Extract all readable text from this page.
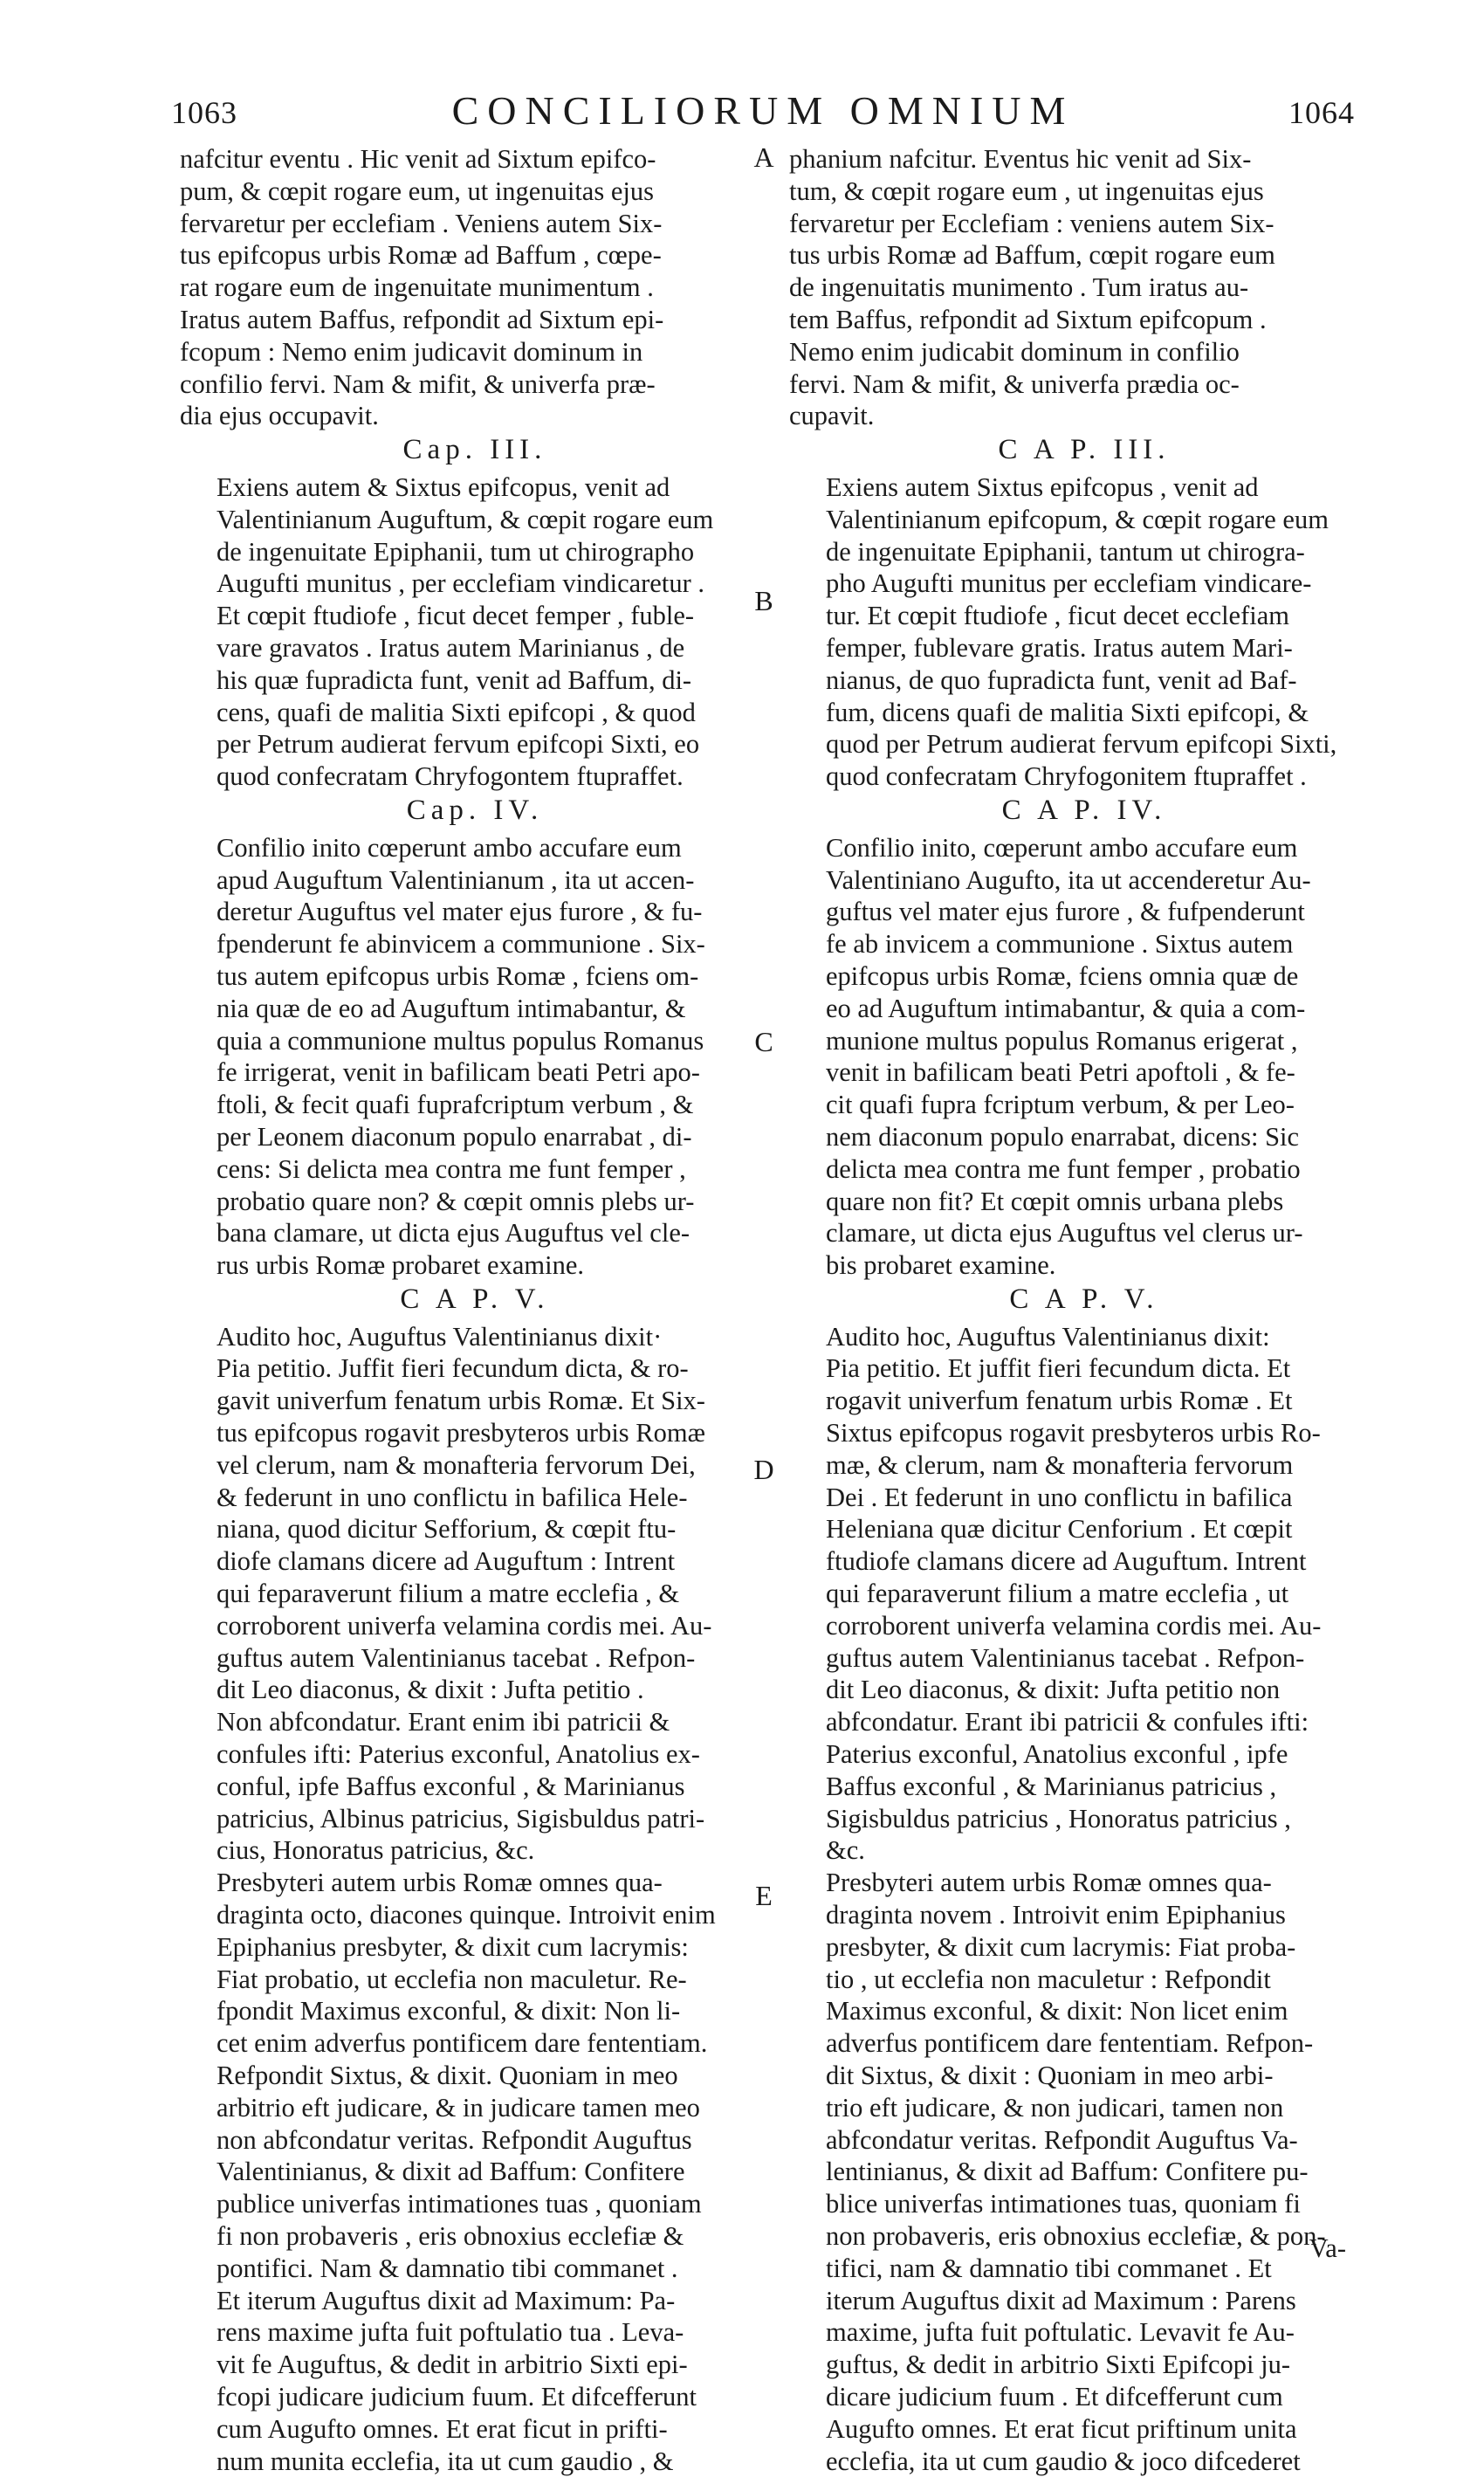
1063	CONCILIORUM OMNIUM	1064
nafcitur eventu . Hic venit ad Sixtum epifco-
pum, & cœpit rogare eum, ut ingenuitas ejus
fervaretur per ecclefiam . Veniens autem Six-
tus epifcopus urbis Romæ ad Baffum , cœpe-
rat rogare eum de ingenuitate munimentum .
Iratus autem Baffus, refpondit ad Sixtum epi-
fcopum : Nemo enim judicavit dominum in
confilio fervi. Nam & mifit, & univerfa præ-
dia ejus occupavit.
Cap. III.
Exiens autem & Sixtus epifcopus, venit ad
Valentinianum Auguftum, & cœpit rogare eum
de ingenuitate Epiphanii, tum ut chirographo
Augufti munitus , per ecclefiam vindicaretur .
Et cœpit ftudiofe , ficut decet femper , fuble-
vare gravatos . Iratus autem Marinianus , de
his quæ fupradicta funt, venit ad Baffum, di-
cens, quafi de malitia Sixti epifcopi , & quod
per Petrum audierat fervum epifcopi Sixti, eo
quod confecratam Chryfogontem ftupraffet.
Cap. IV.
Confilio inito cœperunt ambo accufare eum
apud Auguftum Valentinianum , ita ut accen-
deretur Auguftus vel mater ejus furore , & fu-
fpenderunt fe abinvicem a communione . Six-
tus autem epifcopus urbis Romæ , fciens om-
nia quæ de eo ad Auguftum intimabantur, &
quia a communione multus populus Romanus
fe irrigerat, venit in bafilicam beati Petri apo-
ftoli, & fecit quafi fuprafcriptum verbum , &
per Leonem diaconum populo enarrabat , di-
cens: Si delicta mea contra me funt femper ,
probatio quare non? & cœpit omnis plebs ur-
bana clamare, ut dicta ejus Auguftus vel cle-
rus urbis Romæ probaret examine.
C A P. V.
Audito hoc, Auguftus Valentinianus dixit·
Pia petitio. Juffit fieri fecundum dicta, & ro-
gavit univerfum fenatum urbis Romæ. Et Six-
tus epifcopus rogavit presbyteros urbis Romæ
vel clerum, nam & monafteria fervorum Dei,
& federunt in uno conflictu in bafilica Hele-
niana, quod dicitur Sefforium, & cœpit ftu-
diofe clamans dicere ad Auguftum : Intrent
qui feparaverunt filium a matre ecclefia , &
corroborent univerfa velamina cordis mei. Au-
guftus autem Valentinianus tacebat . Refpon-
dit Leo diaconus, & dixit : Jufta petitio .
Non abfcondatur. Erant enim ibi patricii &
confules ifti: Paterius exconful, Anatolius ex-
conful, ipfe Baffus exconful , & Marinianus
patricius, Albinus patricius, Sigisbuldus patri-
cius, Honoratus patricius, &c.
Presbyteri autem urbis Romæ omnes qua-
draginta octo, diacones quinque. Introivit enim
Epiphanius presbyter, & dixit cum lacrymis:
Fiat probatio, ut ecclefia non maculetur. Re-
fpondit Maximus exconful, & dixit: Non li-
cet enim adverfus pontificem dare fententiam.
Refpondit Sixtus, & dixit. Quoniam in meo
arbitrio eft judicare, & in judicare tamen meo
non abfcondatur veritas. Refpondit Auguftus
Valentinianus, & dixit ad Baffum: Confitere
publice univerfas intimationes tuas , quoniam
fi non probaveris , eris obnoxius ecclefiæ &
pontifici. Nam & damnatio tibi commanet .
Et iterum Auguftus dixit ad Maximum: Pa-
rens maxime jufta fuit poftulatio tua . Leva-
vit fe Auguftus, & dedit in arbitrio Sixti epi-
fcopi judicare judicium fuum. Et difcefferunt
cum Augufto omnes. Et erat ficut in prifti-
num munita ecclefia, ita ut cum gaudio , &
phanium nafcitur. Eventus hic venit ad Six-
tum, & cœpit rogare eum , ut ingenuitas ejus
fervaretur per Ecclefiam : veniens autem Six-
tus urbis Romæ ad Baffum, cœpit rogare eum
de ingenuitatis munimento . Tum iratus au-
tem Baffus, refpondit ad Sixtum epifcopum .
Nemo enim judicabit dominum in confilio
fervi. Nam & mifit, & univerfa prædia oc-
cupavit.
C A P. III.
Exiens autem Sixtus epifcopus , venit ad
Valentinianum epifcopum, & cœpit rogare eum
de ingenuitate Epiphanii, tantum ut chirogra-
pho Augufti munitus per ecclefiam vindicare-
tur. Et cœpit ftudiofe , ficut decet ecclefiam
femper, fublevare gratis. Iratus autem Mari-
nianus, de quo fupradicta funt, venit ad Baf-
fum, dicens quafi de malitia Sixti epifcopi, &
quod per Petrum audierat fervum epifcopi Sixti,
quod confecratam Chryfogonitem ftupraffet .
C A P. IV.
Confilio inito, cœperunt ambo accufare eum
Valentiniano Augufto, ita ut accenderetur Au-
guftus vel mater ejus furore , & fufpenderunt
fe ab invicem a communione . Sixtus autem
epifcopus urbis Romæ, fciens omnia quæ de
eo ad Auguftum intimabantur, & quia a com-
munione multus populus Romanus erigerat ,
venit in bafilicam beati Petri apoftoli , & fe-
cit quafi fupra fcriptum verbum, & per Leo-
nem diaconum populo enarrabat, dicens: Sic
delicta mea contra me funt femper , probatio
quare non fit? Et cœpit omnis urbana plebs
clamare, ut dicta ejus Auguftus vel clerus ur-
bis probaret examine.
C A P. V.
Audito hoc, Auguftus Valentinianus dixit:
Pia petitio. Et juffit fieri fecundum dicta. Et
rogavit univerfum fenatum urbis Romæ . Et
Sixtus epifcopus rogavit presbyteros urbis Ro-
mæ, & clerum, nam & monafteria fervorum
Dei . Et federunt in uno conflictu in bafilica
Heleniana quæ dicitur Cenforium . Et cœpit
ftudiofe clamans dicere ad Auguftum. Intrent
qui feparaverunt filium a matre ecclefia , ut
corroborent univerfa velamina cordis mei. Au-
guftus autem Valentinianus tacebat . Refpon-
dit Leo diaconus, & dixit: Jufta petitio non
abfcondatur. Erant ibi patricii & confules ifti:
Paterius exconful, Anatolius exconful , ipfe
Baffus exconful , & Marinianus patricius ,
Sigisbuldus patricius , Honoratus patricius ,
&c.
Presbyteri autem urbis Romæ omnes qua-
draginta novem . Introivit enim Epiphanius
presbyter, & dixit cum lacrymis: Fiat proba-
tio , ut ecclefia non maculetur : Refpondit
Maximus exconful, & dixit: Non licet enim
adverfus pontificem dare fententiam. Refpon-
dit Sixtus, & dixit : Quoniam in meo arbi-
trio eft judicare, & non judicari, tamen non
abfcondatur veritas. Refpondit Auguftus Va-
lentinianus, & dixit ad Baffum: Confitere pu-
blice univerfas intimationes tuas, quoniam fi
non probaveris, eris obnoxius ecclefiæ, & pon-
tifici, nam & damnatio tibi commanet . Et
iterum Auguftus dixit ad Maximum : Parens
maxime, jufta fuit poftulatic. Levavit fe Au-
guftus, & dedit in arbitrio Sixti Epifcopi ju-
dicare judicium fuum . Et difcefferunt cum
Augufto omnes. Et erat ficut priftinum unita
ecclefia, ita ut cum gaudio & joco difcederet
A
B
C
D
E
Va-
